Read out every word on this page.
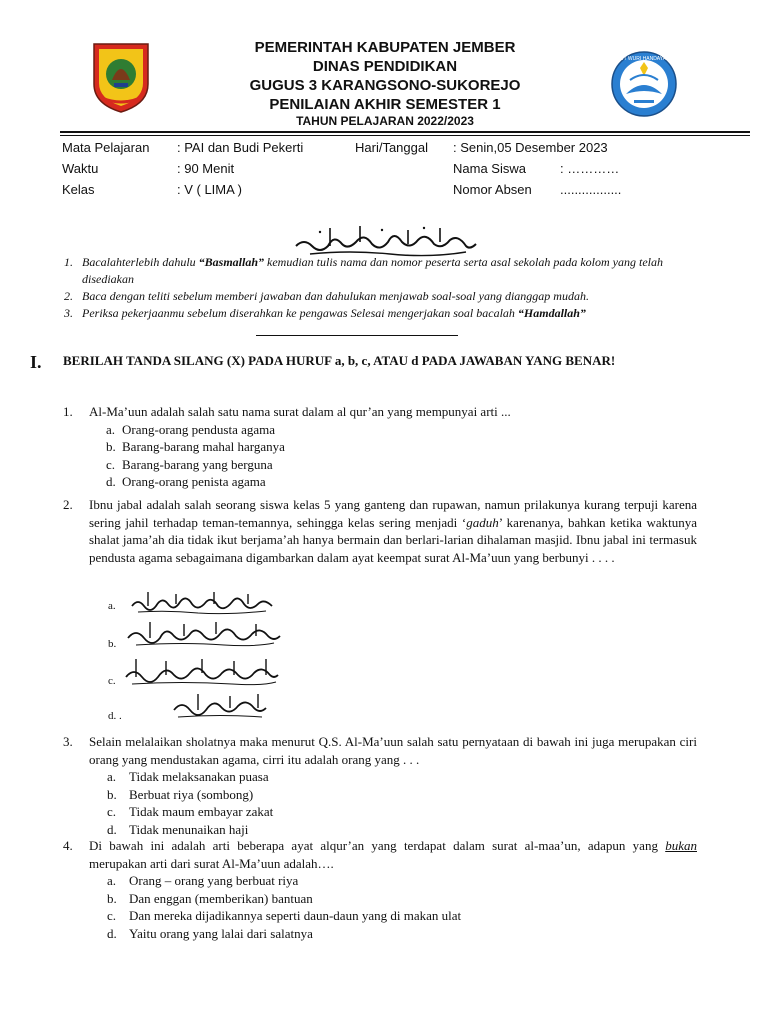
PEMERINTAH KABUPATEN JEMBER
DINAS PENDIDIKAN
GUGUS 3 KARANGSONO-SUKOREJO
PENILAIAN AKHIR SEMESTER 1
TAHUN PELAJARAN 2022/2023
TUT WURI HANDAYANI
Mata Pelajaran : PAI dan Budi Pekerti
Waktu	: 90 Menit
Kelas	: V ( LIMA )
Hari/Tanggal : Senin,05 Desember 2023
Nama Siswa	: …………
Nomor Absen .................
1. Bacalahterlebih dahulu “Basmallah” kemudian tulis nama dan nomor peserta serta asal sekolah pada kolom yang telah disediakan
2. Baca dengan teliti sebelum memberi jawaban dan dahulukan menjawab soal-soal yang dianggap mudah.
3. Periksa pekerjaanmu sebelum diserahkan ke pengawas Selesai mengerjakan soal bacalah “Hamdallah”
I. BERILAH TANDA SILANG (X) PADA HURUF a, b, c, ATAU d PADA JAWABAN YANG BENAR!
1. Al-Ma’uun adalah salah satu nama surat dalam al qur’an yang mempunyai arti ...
a. Orang-orang pendusta agama
b. Barang-barang mahal harganya
c. Barang-barang yang berguna
d. Orang-orang penista agama
2. Ibnu jabal adalah salah seorang siswa kelas 5 yang ganteng dan rupawan, namun prilakunya kurang terpuji karena sering jahil terhadap teman-temannya, sehingga kelas sering menjadi ‘gaduh’ karenanya, bahkan ketika waktunya shalat jama’ah dia tidak ikut berjama’ah hanya bermain dan berlari-larian dihalaman masjid. Ibnu jabal ini termasuk pendusta agama sebagaimana digambarkan dalam ayat keempat surat Al-Ma’uun yang berbunyi . . . .
a.
b.
c.
d. .
3. Selain melalaikan sholatnya maka menurut Q.S. Al-Ma’uun salah satu pernyataan di bawah ini juga merupakan ciri orang yang mendustakan agama, cirri itu adalah orang yang . . .
a. Tidak melaksanakan puasa
b. Berbuat riya (sombong)
c. Tidak maum embayar zakat
d. Tidak menunaikan haji
4. Di bawah ini adalah arti beberapa ayat alqur’an yang terdapat dalam surat al-maa’un, adapun yang bukan merupakan arti dari surat Al-Ma’uun adalah….
a. Orang – orang yang berbuat riya
b. Dan enggan (memberikan) bantuan
c. Dan mereka dijadikannya seperti daun-daun yang di makan ulat
d. Yaitu orang yang lalai dari salatnya
